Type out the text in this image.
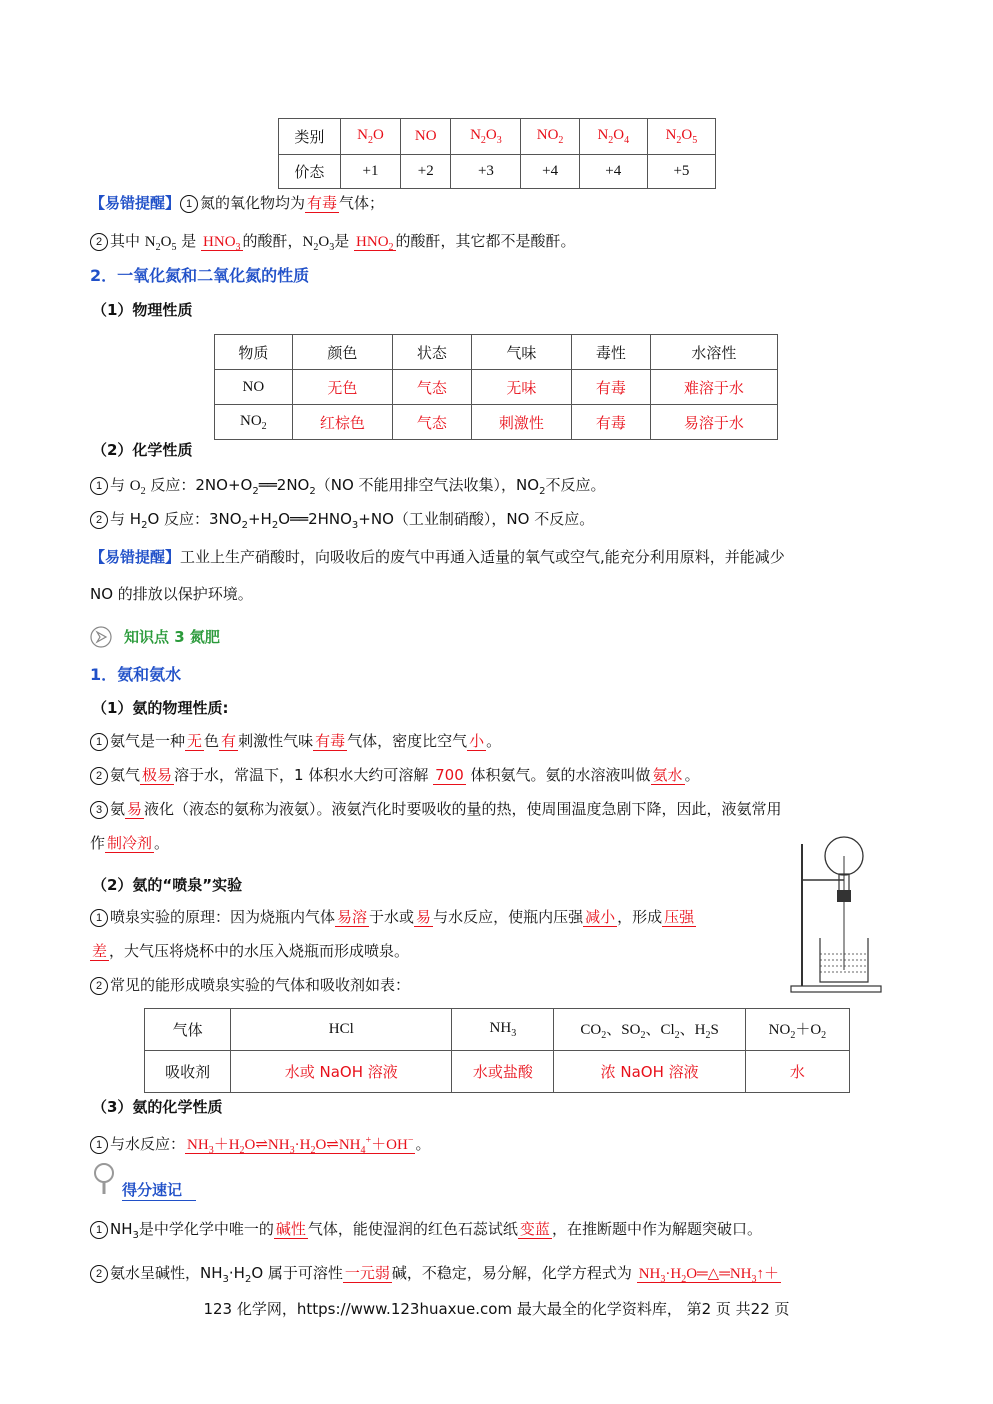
类别	$N_2O$	NO	$N_2O_3$	$NO_2$	$N_2O_4$	$N_2O_5$
价态	+1	+2	+3	+4	+4	+5
【易错提醒】 1 氮的氧化物均为 有毒 气体；
2 其中 $N_2O_5$ 是 $HNO_3$ 的酸酐，$N_2O_3$是 $HNO_2$ 的酸酐，其它都不是酸酐。
2．一氧化氮和二氧化氮的性质
（1）物理性质
物质	颜色	状态	气味	毒性	水溶性
NO	无色	气态	无味	有毒	难溶于水
$NO_2$	红棕色	气态	刺激性	有毒	易溶于水
（2）化学性质
1 与 $O_2$ 反应：$2NO+O_2══2NO_2(NO$ 不能用排空气法收集），$NO_2$不反应。
2 与 $H_2O$ 反应：$3NO_2+H_2O══2HNO_3+NO$（工业制硝酸），NO 不反应。
【易错提醒】工业上生产硝酸时，向吸收后的废气中再通入适量的氧气或空气,能充分利用原料，并能减少
NO 的排放以保护环境。
知识点 3 氮肥
1．氨和氨水
（1）氨的物理性质:
1 氨气是一种 无 色 有 刺激性气味 有毒 气体，密度比空气 小 。
2 氨气 极易 溶于水，常温下，1 体积水大约可溶解 700 体积氨气。氨的水溶液叫做 氨水 。
3 氨 易 液化（液态的氨称为液氨）。液氨汽化时要吸收的量的热，使周围温度急剧下降，因此，液氨常用
作 制冷剂 。
（2）氨的“喷泉”实验
1 喷泉实验的原理：因为烧瓶内气体 易溶 于水或 易 与水反应，使瓶内压强 减小 ，形成 压强
差 ，大气压将烧杯中的水压入烧瓶而形成喷泉。
2 常见的能形成喷泉实验的气体和吸收剂如表：
气体	HCl	$NH_3$	$CO_2$、$SO_2$、$Cl_2$、$H_2S$	$NO_2+O_2$
吸收剂	水或 NaOH 溶液	水或盐酸	浓 NaOH 溶液	水
（3）氨的化学性质
1 与水反应： $NH_3+H_2O\rightleftharpoons NH_3\cdot H_2O\rightleftharpoons NH_4^++OH^-$ 。
得分速记
1 $NH_3$是中学化学中唯一的 碱性 气体，能使湿润的红色石蕊试纸 变蓝 ，在推断题中作为解题突破口。
2 氨水呈碱性，$NH_3\cdot H_2O$ 属于可溶性 一元弱 碱，不稳定，易分解，化学方程式为 $NH_3\cdot H_2O═\triangle═NH_3↑+$
123 化学网，https://www.123huaxue.com 最大最全的化学资料库， 第2 页 共22 页
